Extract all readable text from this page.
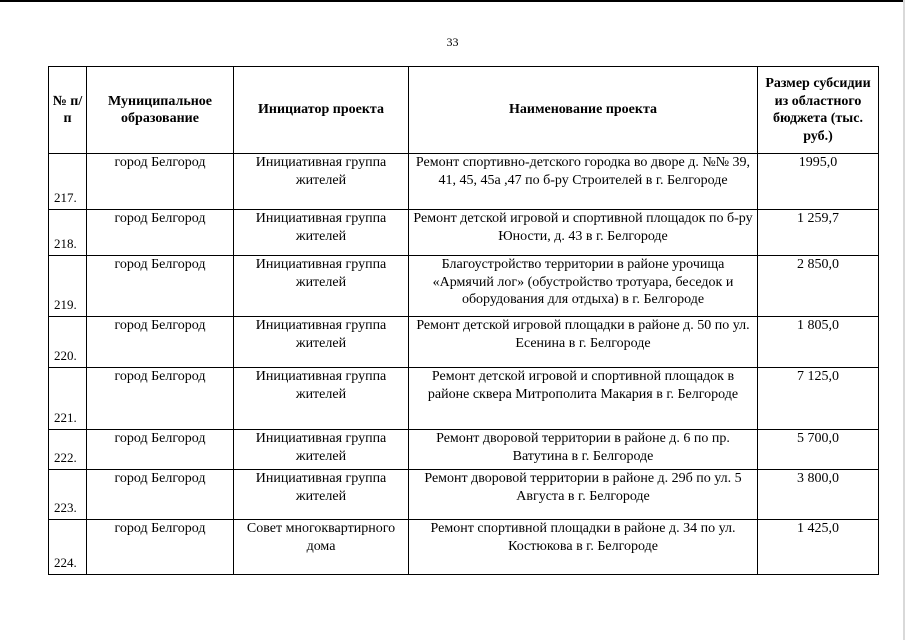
33
№ п/п	Муниципальное образование	Инициатор проекта	Наименование проекта	Размер субсидии из областного бюджета (тыс. руб.)
217.	город Белгород	Инициативная группа жителей	Ремонт спортивно-детского городка во дворе д. №№ 39, 41, 45, 45а ,47 по б-ру Строителей в г. Белгороде	1995,0
218.	город Белгород	Инициативная группа жителей	Ремонт детской игровой и спортивной площадок по б-ру Юности, д. 43 в г. Белгороде	1 259,7
219.	город Белгород	Инициативная группа жителей	Благоустройство территории в районе урочища «Армячий лог» (обустройство тротуара, беседок и оборудования для отдыха) в г. Белгороде	2 850,0
220.	город Белгород	Инициативная группа жителей	Ремонт детской игровой площадки в районе д. 50 по ул. Есенина в г. Белгороде	1 805,0
221.	город Белгород	Инициативная группа жителей	Ремонт детской игровой и спортивной площадок в районе сквера Митрополита Макария в г. Белгороде	7 125,0
222.	город Белгород	Инициативная группа жителей	Ремонт дворовой территории в районе д. 6 по пр. Ватутина в г. Белгороде	5 700,0
223.	город Белгород	Инициативная группа жителей	Ремонт дворовой территории в районе д. 29б по ул. 5 Августа в г. Белгороде	3 800,0
224.	город Белгород	Совет многоквартирного дома	Ремонт спортивной площадки в районе д. 34 по ул. Костюкова в г. Белгороде	1 425,0
